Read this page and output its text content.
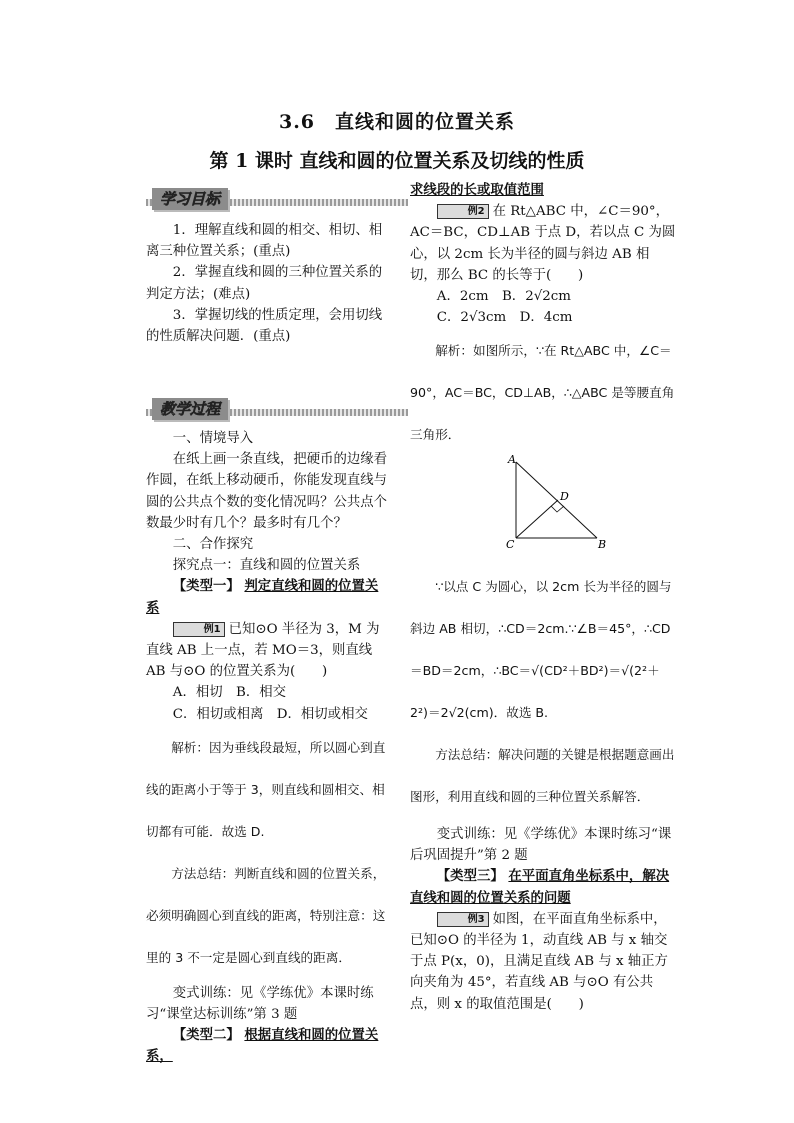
3.6　直线和圆的位置关系
第 1 课时 直线和圆的位置关系及切线的性质
学习目标
教学过程

1．理解直线和圆的相交、相切、相离三种位置关系；(重点)

2．掌握直线和圆的三种位置关系的判定方法；(难点)

3．掌握切线的性质定理，会用切线的性质解决问题．(重点)

一、情境导入

在纸上画一条直线，把硬币的边缘看作圆，在纸上移动硬币，你能发现直线与圆的公共点个数的变化情况吗？公共点个数最少时有几个？最多时有几个？

二、合作探究

探究点一：直线和圆的位置关系

【类型一】 判定直线和圆的位置关系

例1 已知⊙O 半径为 3，M 为直线 AB 上一点，若 MO＝3，则直线 AB 与⊙O 的位置关系为(　　)

A．相切　B．相交

C．相切或相离　D．相切或相交

解析：因为垂线段最短，所以圆心到直线的距离小于等于 3，则直线和圆相交、相切都有可能．故选 D.

方法总结：判断直线和圆的位置关系，必须明确圆心到直线的距离，特别注意：这里的 3 不一定是圆心到直线的距离．

变式训练：见《学练优》本课时练习“课堂达标训练”第 3 题

【类型二】 根据直线和圆的位置关系，

求线段的长或取值范围

例2 在 Rt△ABC 中，∠C＝90°，AC＝BC，CD⊥AB 于点 D，若以点 C 为圆心，以 2cm 长为半径的圆与斜边 AB 相切，那么 BC 的长等于(　　)

A．2cm　B．2√2cm

C．2√3cm　D．4cm

解析：如图所示，∵在 Rt△ABC 中，∠C＝90°，AC＝BC，CD⊥AB，∴△ABC 是等腰直角三角形．

A
D
C	B

∵以点 C 为圆心，以 2cm 长为半径的圆与斜边 AB 相切，∴CD＝2cm.∵∠B＝45°，∴CD＝BD＝2cm，∴BC＝√(CD²＋BD²)＝√(2²＋2²)＝2√2(cm)．故选 B.

方法总结：解决问题的关键是根据题意画出图形，利用直线和圆的三种位置关系解答．

变式训练：见《学练优》本课时练习“课后巩固提升”第 2 题

【类型三】 在平面直角坐标系中，解决直线和圆的位置关系的问题

例3 如图，在平面直角坐标系中，已知⊙O 的半径为 1，动直线 AB 与 x 轴交于点 P(x，0)，且满足直线 AB 与 x 轴正方向夹角为 45°，若直线 AB 与⊙O 有公共点，则 x 的取值范围是(　　)
